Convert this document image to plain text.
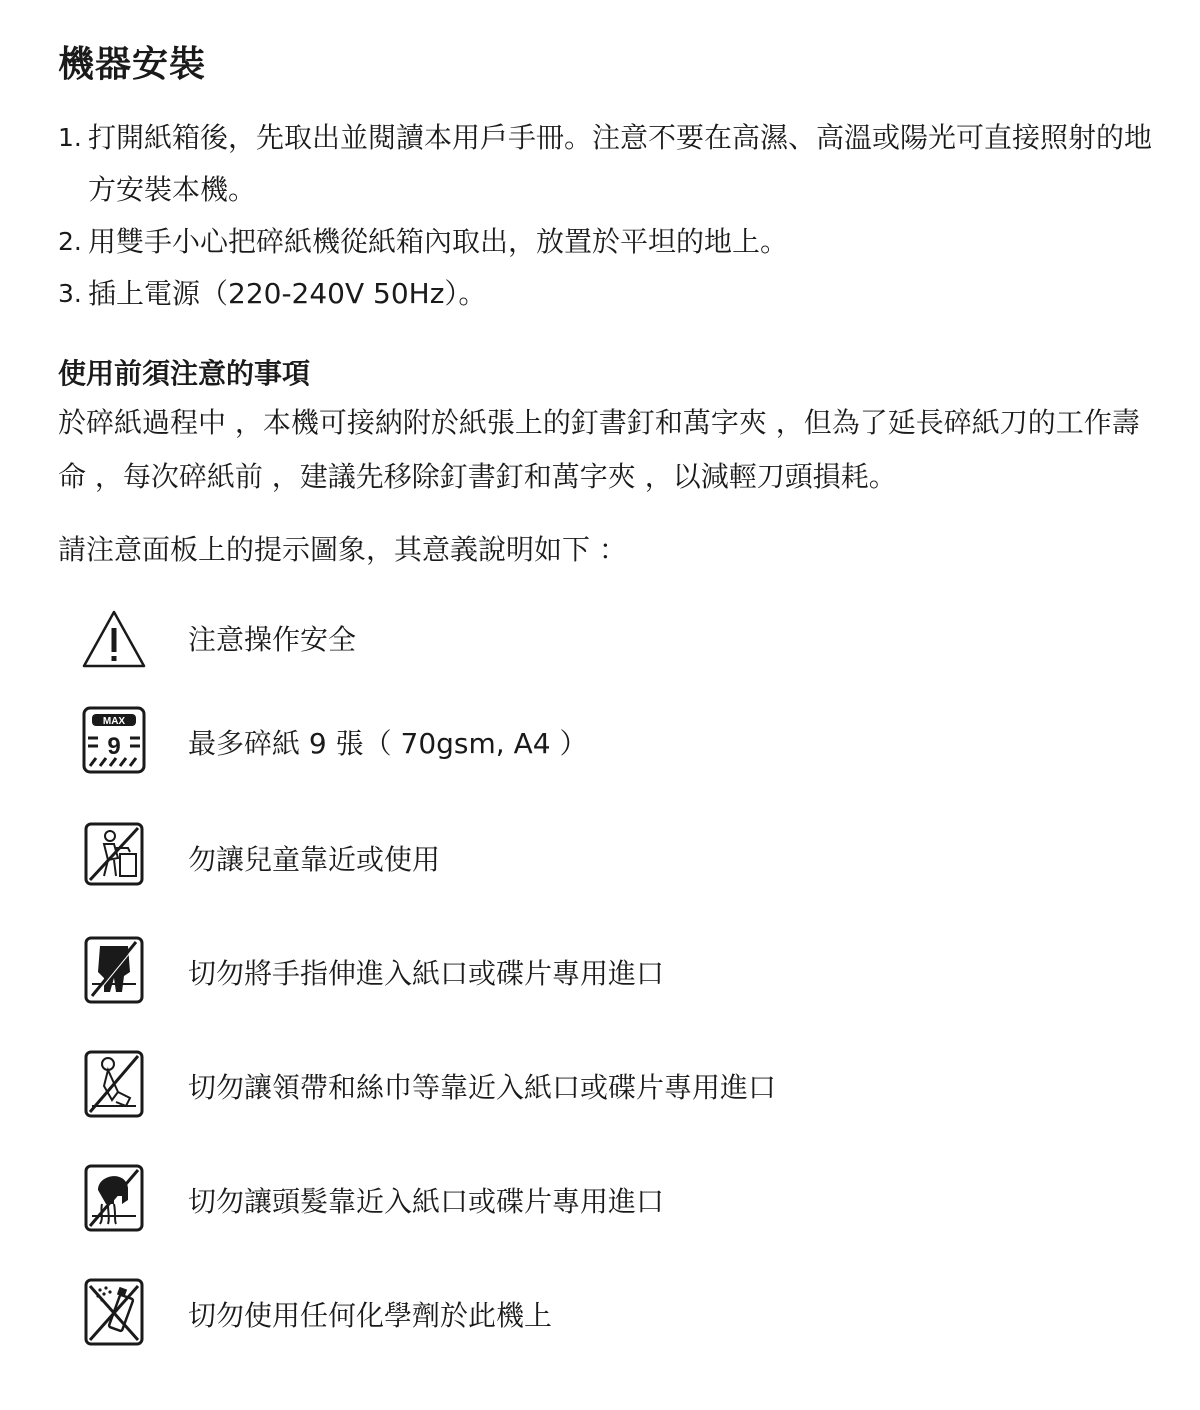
機器安裝
1. 打開紙箱後，先取出並閱讀本用戶手冊。注意不要在高濕、高溫或陽光可直接照射的地方安裝本機。
2. 用雙手小心把碎紙機從紙箱內取出，放置於平坦的地上。
3. 插上電源（220-240V 50Hz）。
使用前須注意的事項

於碎紙過程中 ，本機可接納附於紙張上的釘書釘和萬字夾 ，但為了延長碎紙刀的工作壽命 ，每次碎紙前 ，建議先移除釘書釘和萬字夾 ，以減輕刀頭損耗。

請注意面板上的提示圖象，其意義說明如下 ：
注意操作安全
MAX
9 最多碎紙 9 張（ 70gsm, A4 ）
勿讓兒童靠近或使用
切勿將手指伸進入紙口或碟片專用進口
切勿讓領帶和絲巾等靠近入紙口或碟片專用進口
切勿讓頭髮靠近入紙口或碟片專用進口
切勿使用任何化學劑於此機上
